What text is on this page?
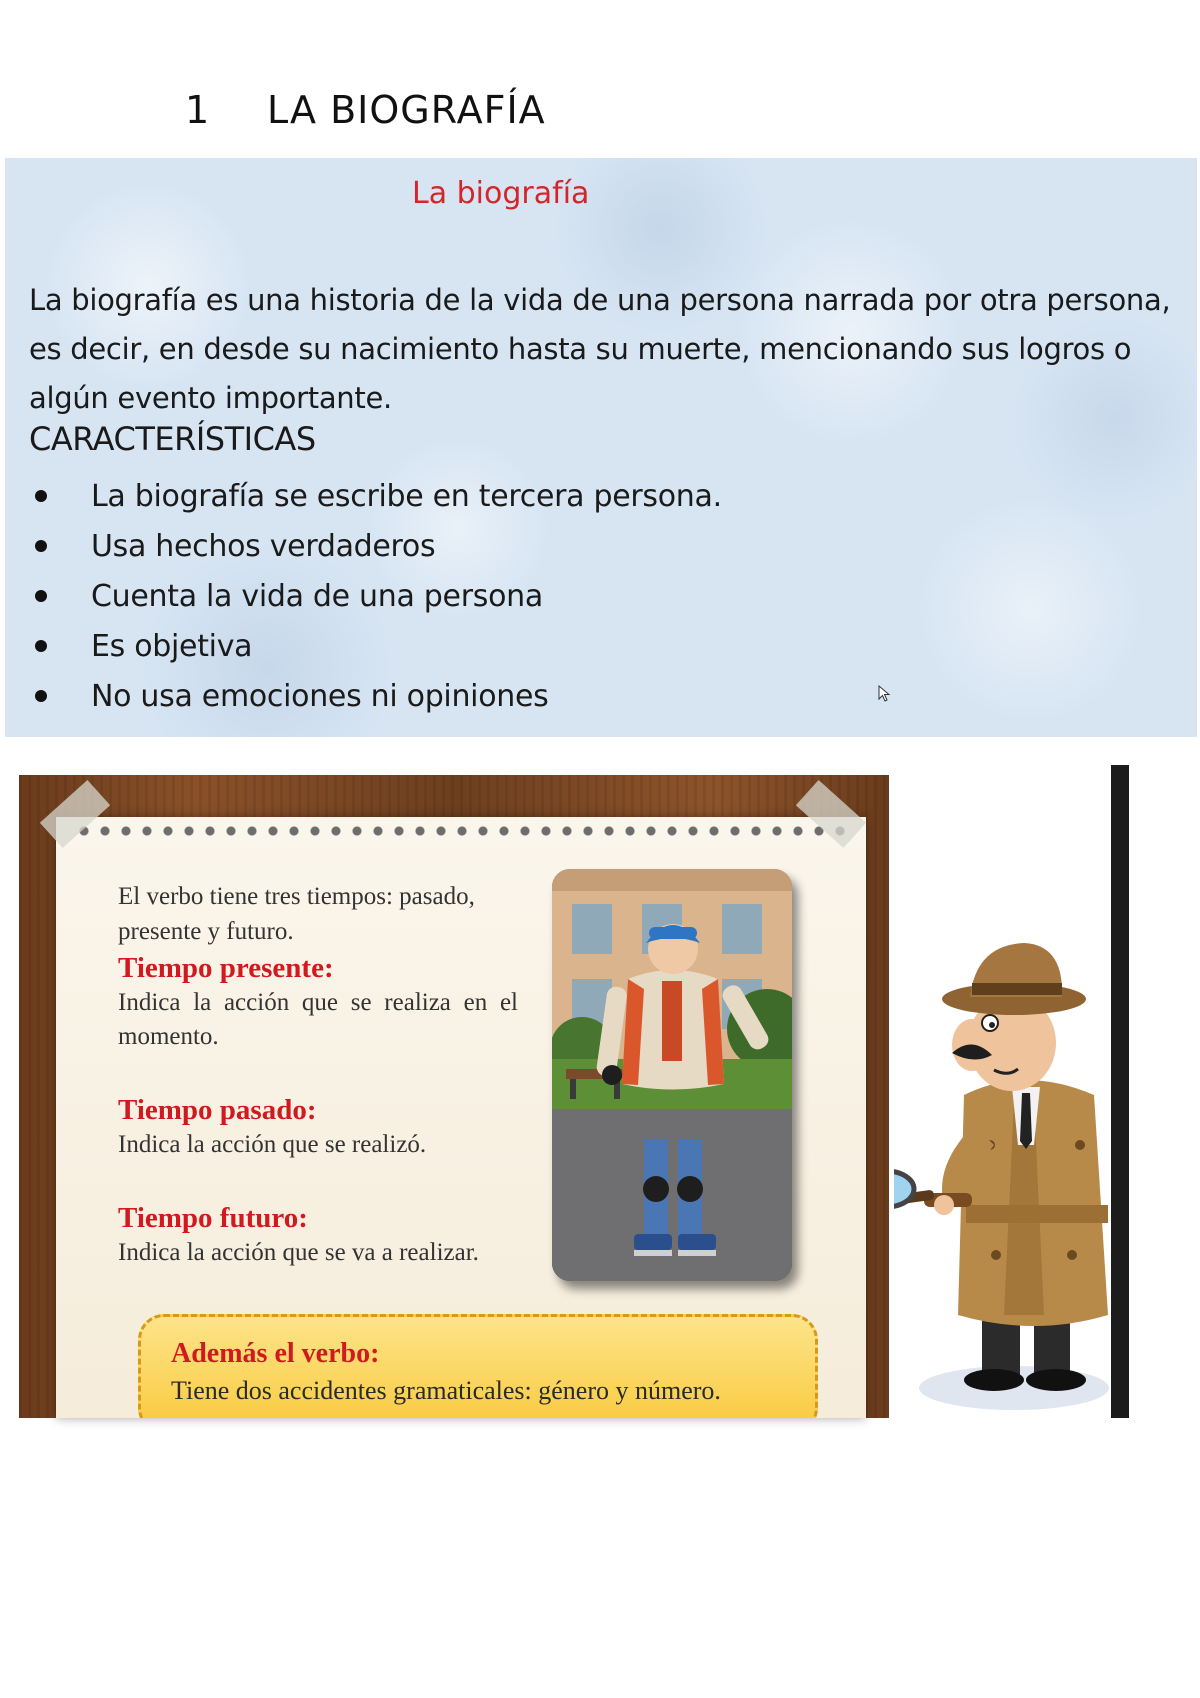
1 LA BIOGRAFÍA
La biografía

La biografía es una historia de la vida de una persona narrada por otra persona, es decir, en desde su nacimiento hasta su muerte, mencionando sus logros o algún evento importante.

CARACTERÍSTICAS
La biografía se escribe en tercera persona.
Usa hechos verdaderos
Cuenta la vida de una persona
Es objetiva
No usa emociones ni opiniones
El verbo tiene tres tiempos: pasado, presente y futuro.
Tiempo presente:
Indica la acción que se realiza en el momento.
Tiempo pasado:
Indica la acción que se realizó.
Tiempo futuro:
Indica la acción que se va a realizar.
Además el verbo:
Tiene dos accidentes gramaticales: género y número.
